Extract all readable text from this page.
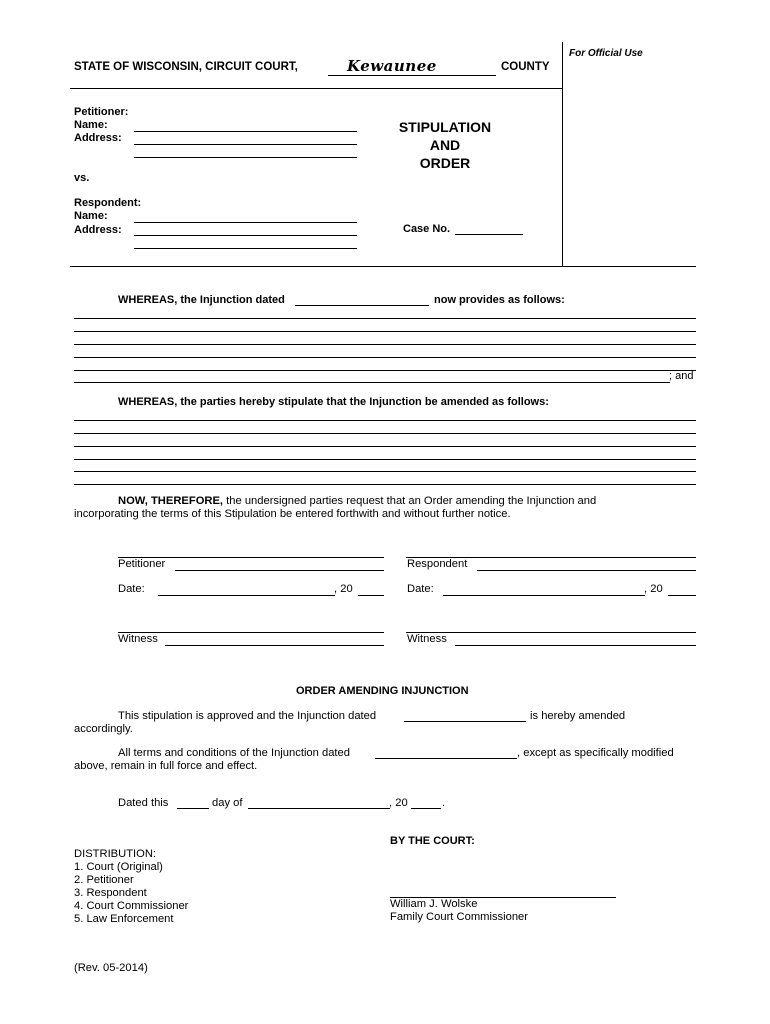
For Official Use
STATE OF WISCONSIN, CIRCUIT COURT,	Kewaunee	COUNTY
Petitioner:
Name:
Address:
vs.
Respondent:
Name:
Address:
STIPULATION
AND
ORDER
Case No.
WHEREAS, the Injunction dated	now provides as follows:
; and
WHEREAS, the parties hereby stipulate that the Injunction be amended as follows:
NOW, THEREFORE, the undersigned parties request that an Order amending the Injunction and
incorporating the terms of this Stipulation be entered forthwith and without further notice.
Petitioner	Respondent
Date:	, 20	Date:	, 20
Witness	Witness
ORDER AMENDING INJUNCTION
This stipulation is approved and the Injunction dated	is hereby amended
accordingly.
All terms and conditions of the Injunction dated	, except as specifically modified
above, remain in full force and effect.
Dated this	day of	, 20	.
BY THE COURT:
DISTRIBUTION:
1. Court (Original)
2. Petitioner
3. Respondent
4. Court Commissioner
5. Law Enforcement
William J. Wolske
Family Court Commissioner
(Rev. 05-2014)
